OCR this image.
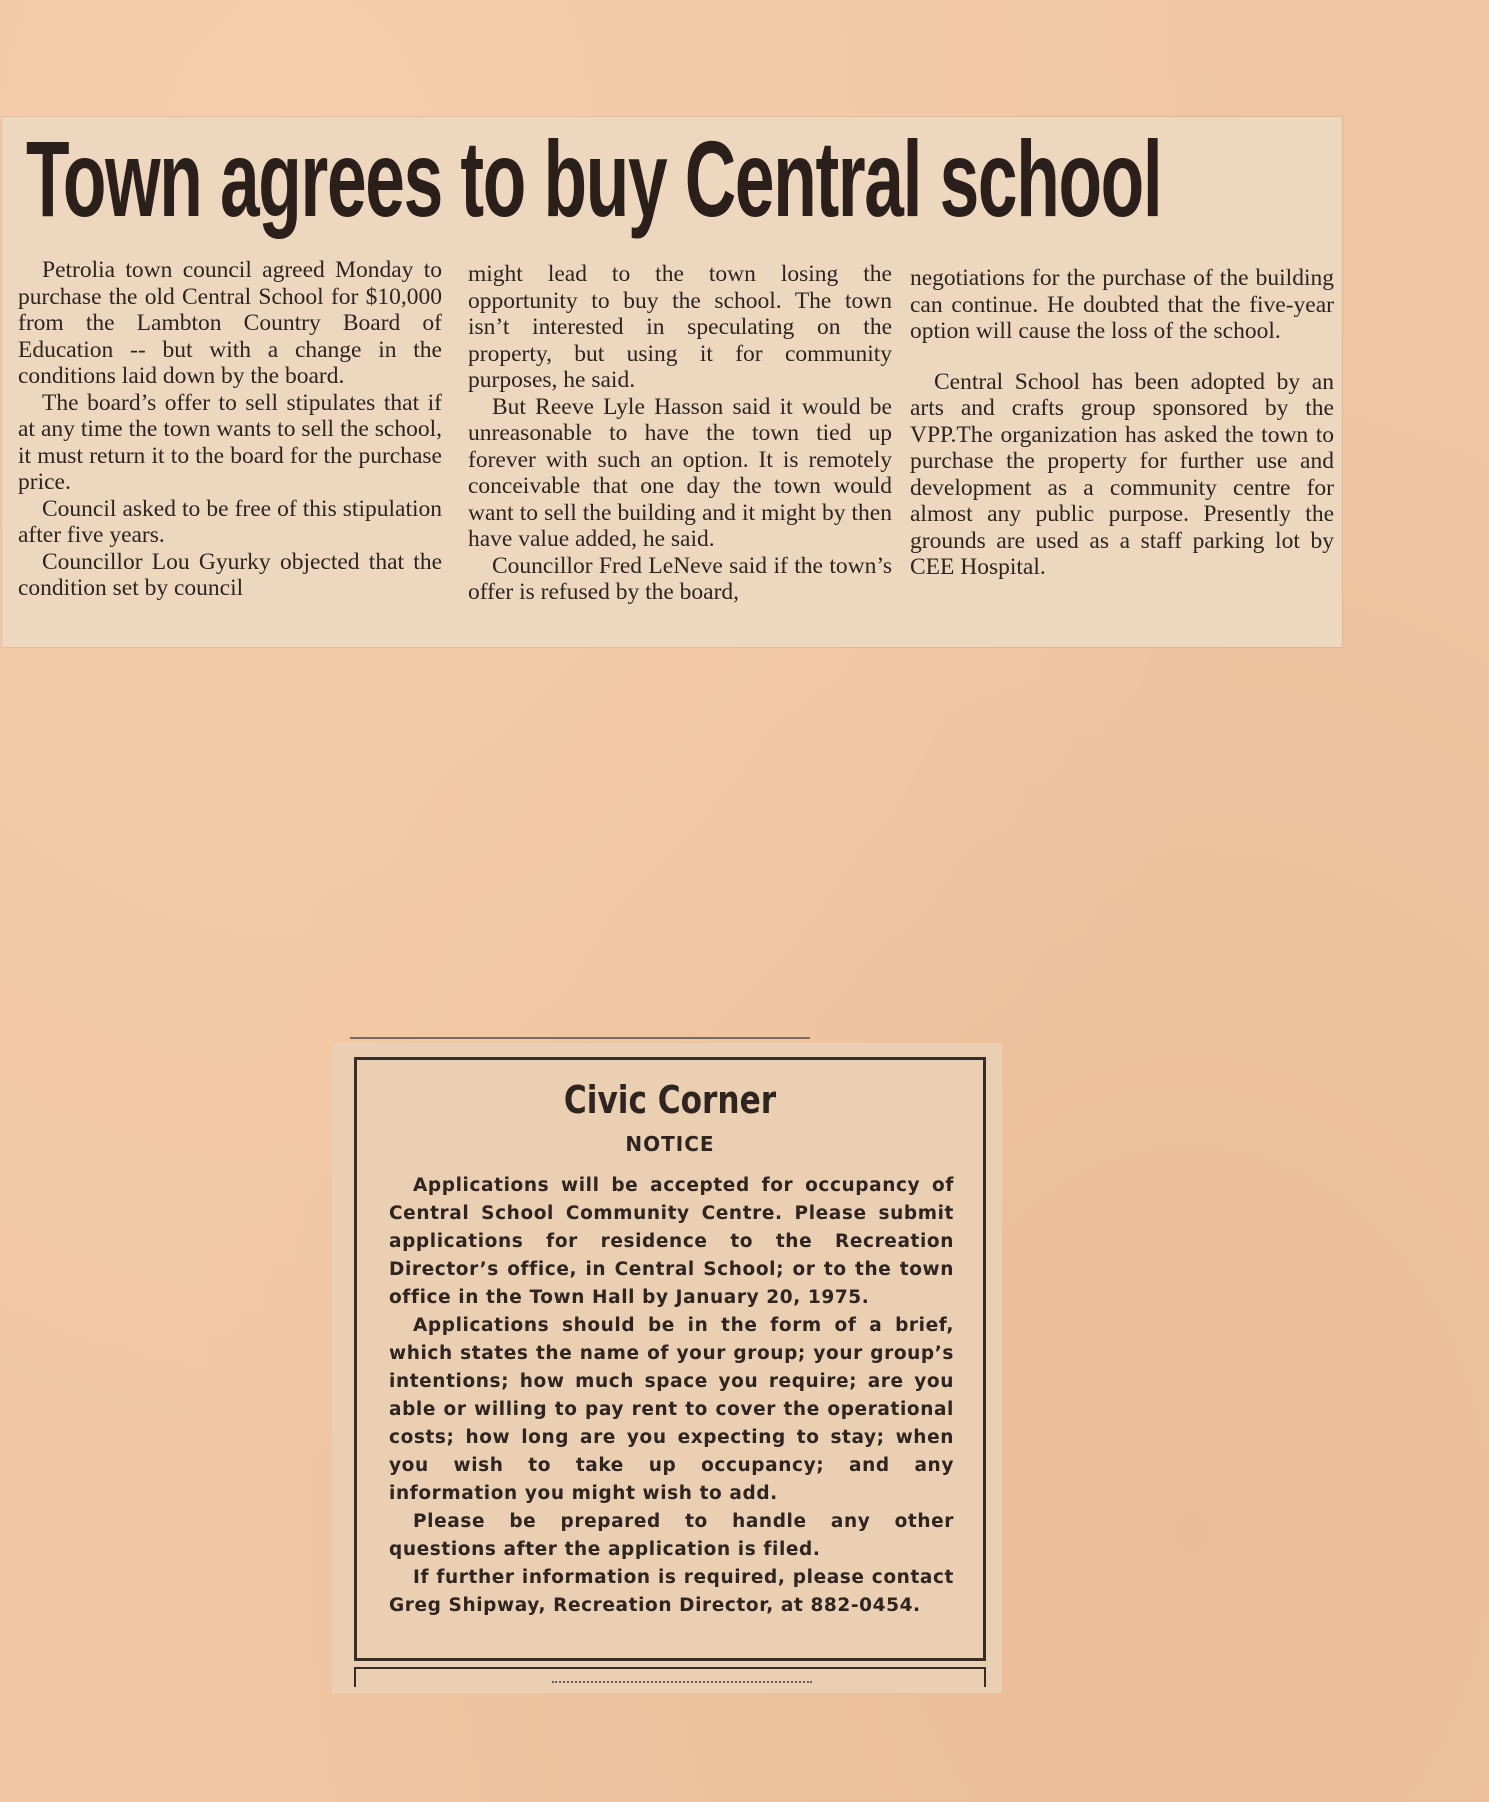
Town agrees to buy Central school

Petrolia town council agreed Monday to purchase the old Central School for $10,000 from the Lambton Country Board of Education -- but with a change in the conditions laid down by the board.

The board’s offer to sell stipulates that if at any time the town wants to sell the school, it must return it to the board for the purchase price.

Council asked to be free of this stipulation after five years.

Councillor Lou Gyurky objected that the condition set by council

might lead to the town losing the opportunity to buy the school. The town isn’t interested in speculating on the property, but using it for community purposes, he said.

But Reeve Lyle Hasson said it would be unreasonable to have the town tied up forever with such an option. It is remotely conceivable that one day the town would want to sell the building and it might by then have value added, he said.

Councillor Fred LeNeve said if the town’s offer is refused by the board,

negotiations for the purchase of the building can continue. He doubted that the five-year option will cause the loss of the school.

Central School has been adopted by an arts and crafts group sponsored by the VPP.The organization has asked the town to purchase the property for further use and development as a community centre for almost any public purpose. Presently the grounds are used as a staff parking lot by CEE Hospital.

Civic Corner
NOTICE

Applications will be accepted for occupancy of Central School Community Centre. Please submit applications for residence to the Recreation Director’s office, in Central School; or to the town office in the Town Hall by January 20, 1975.

Applications should be in the form of a brief, which states the name of your group; your group’s intentions; how much space you require; are you able or willing to pay rent to cover the operational costs; how long are you expecting to stay; when you wish to take up occupancy; and any information you might wish to add.

Please be prepared to handle any other questions after the application is filed.

If further information is required, please contact Greg Shipway, Recreation Director, at 882-0454.
